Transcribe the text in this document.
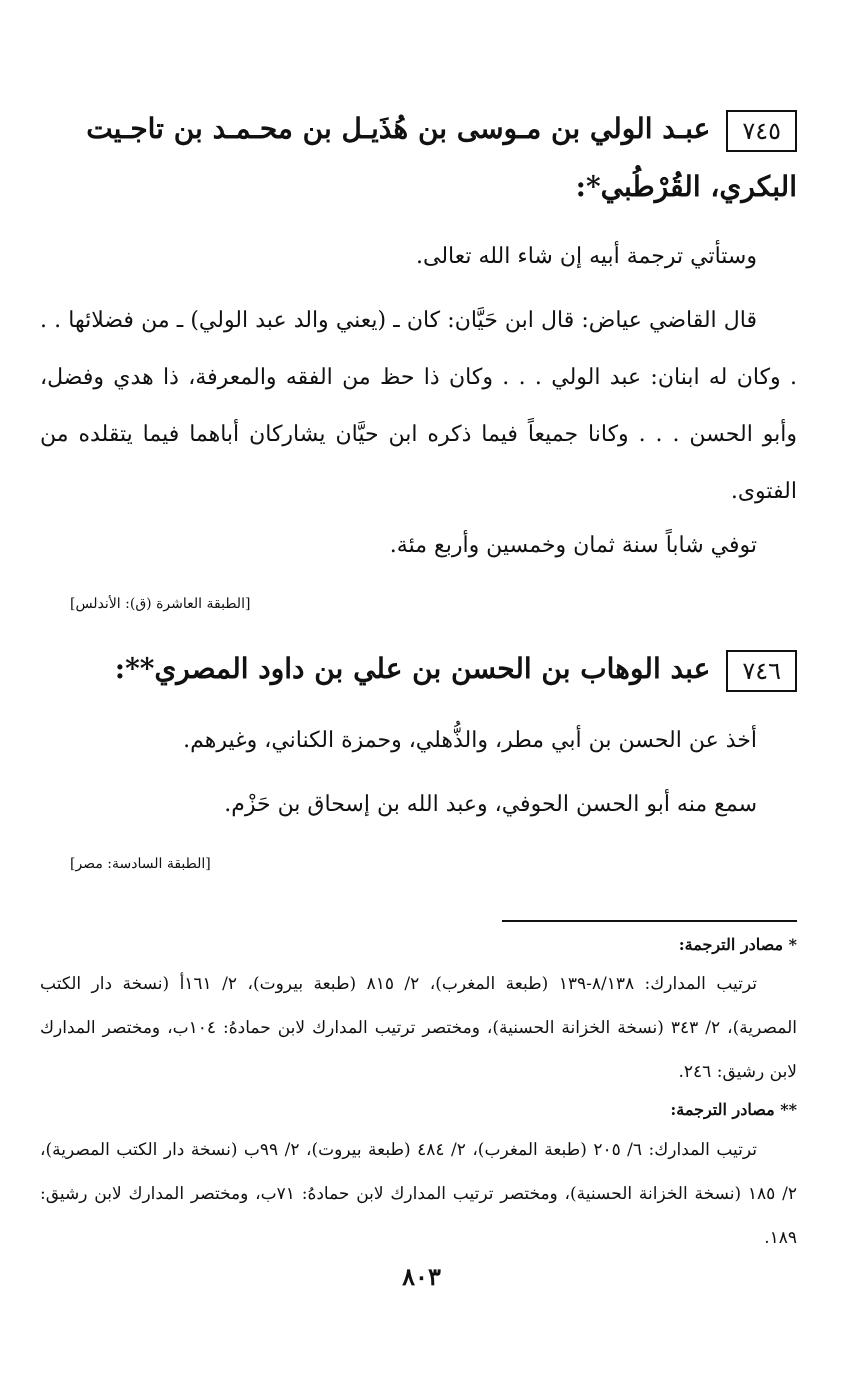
٧٤٥عبـد الولي بن مـوسى بن هُذَيـل بن محـمـد بن تاجـيت
البكري، القُرْطُبي*:
وستأتي ترجمة أبيه إن شاء الله تعالى.
قال القاضي عياض: قال ابن حَيَّان: كان ـ (يعني والد عبد الولي) ـ من فضلائها . . . وكان له ابنان: عبد الولي . . . وكان ذا حظ من الفقه والمعرفة، ذا هدي وفضل، وأبو الحسن . . . وكانا جميعاً فيما ذكره ابن حيَّان يشاركان أباهما فيما يتقلده من الفتوى.
توفي شاباً سنة ثمان وخمسين وأربع مئة.
[الطبقة العاشرة (ق): الأندلس]
٧٤٦عبد الوهاب بن الحسن بن علي بن داود المصري**:
أخذ عن الحسن بن أبي مطر، والذُّهلي، وحمزة الكناني، وغيرهم.
سمع منه أبو الحسن الحوفي، وعبد الله بن إسحاق بن حَزْم.
[الطبقة السادسة: مصر]
* مصادر الترجمة:
ترتيب المدارك: ٨/١٣٨-١٣٩ (طبعة المغرب)، ٢/ ٨١٥ (طبعة بيروت)، ٢/ ١٦١أ (نسخة دار الكتب المصرية)، ٢/ ٣٤٣ (نسخة الخزانة الحسنية)، ومختصر ترتيب المدارك لابن حمادهُ: ١٠٤ب، ومختصر المدارك لابن رشيق: ٢٤٦.
** مصادر الترجمة:
ترتيب المدارك: ٦/ ٢٠٥ (طبعة المغرب)، ٢/ ٤٨٤ (طبعة بيروت)، ٢/ ٩٩ب (نسخة دار الكتب المصرية)، ٢/ ١٨٥ (نسخة الخزانة الحسنية)، ومختصر ترتيب المدارك لابن حمادهُ: ٧١ب، ومختصر المدارك لابن رشيق: ١٨٩.
٨٠٣
